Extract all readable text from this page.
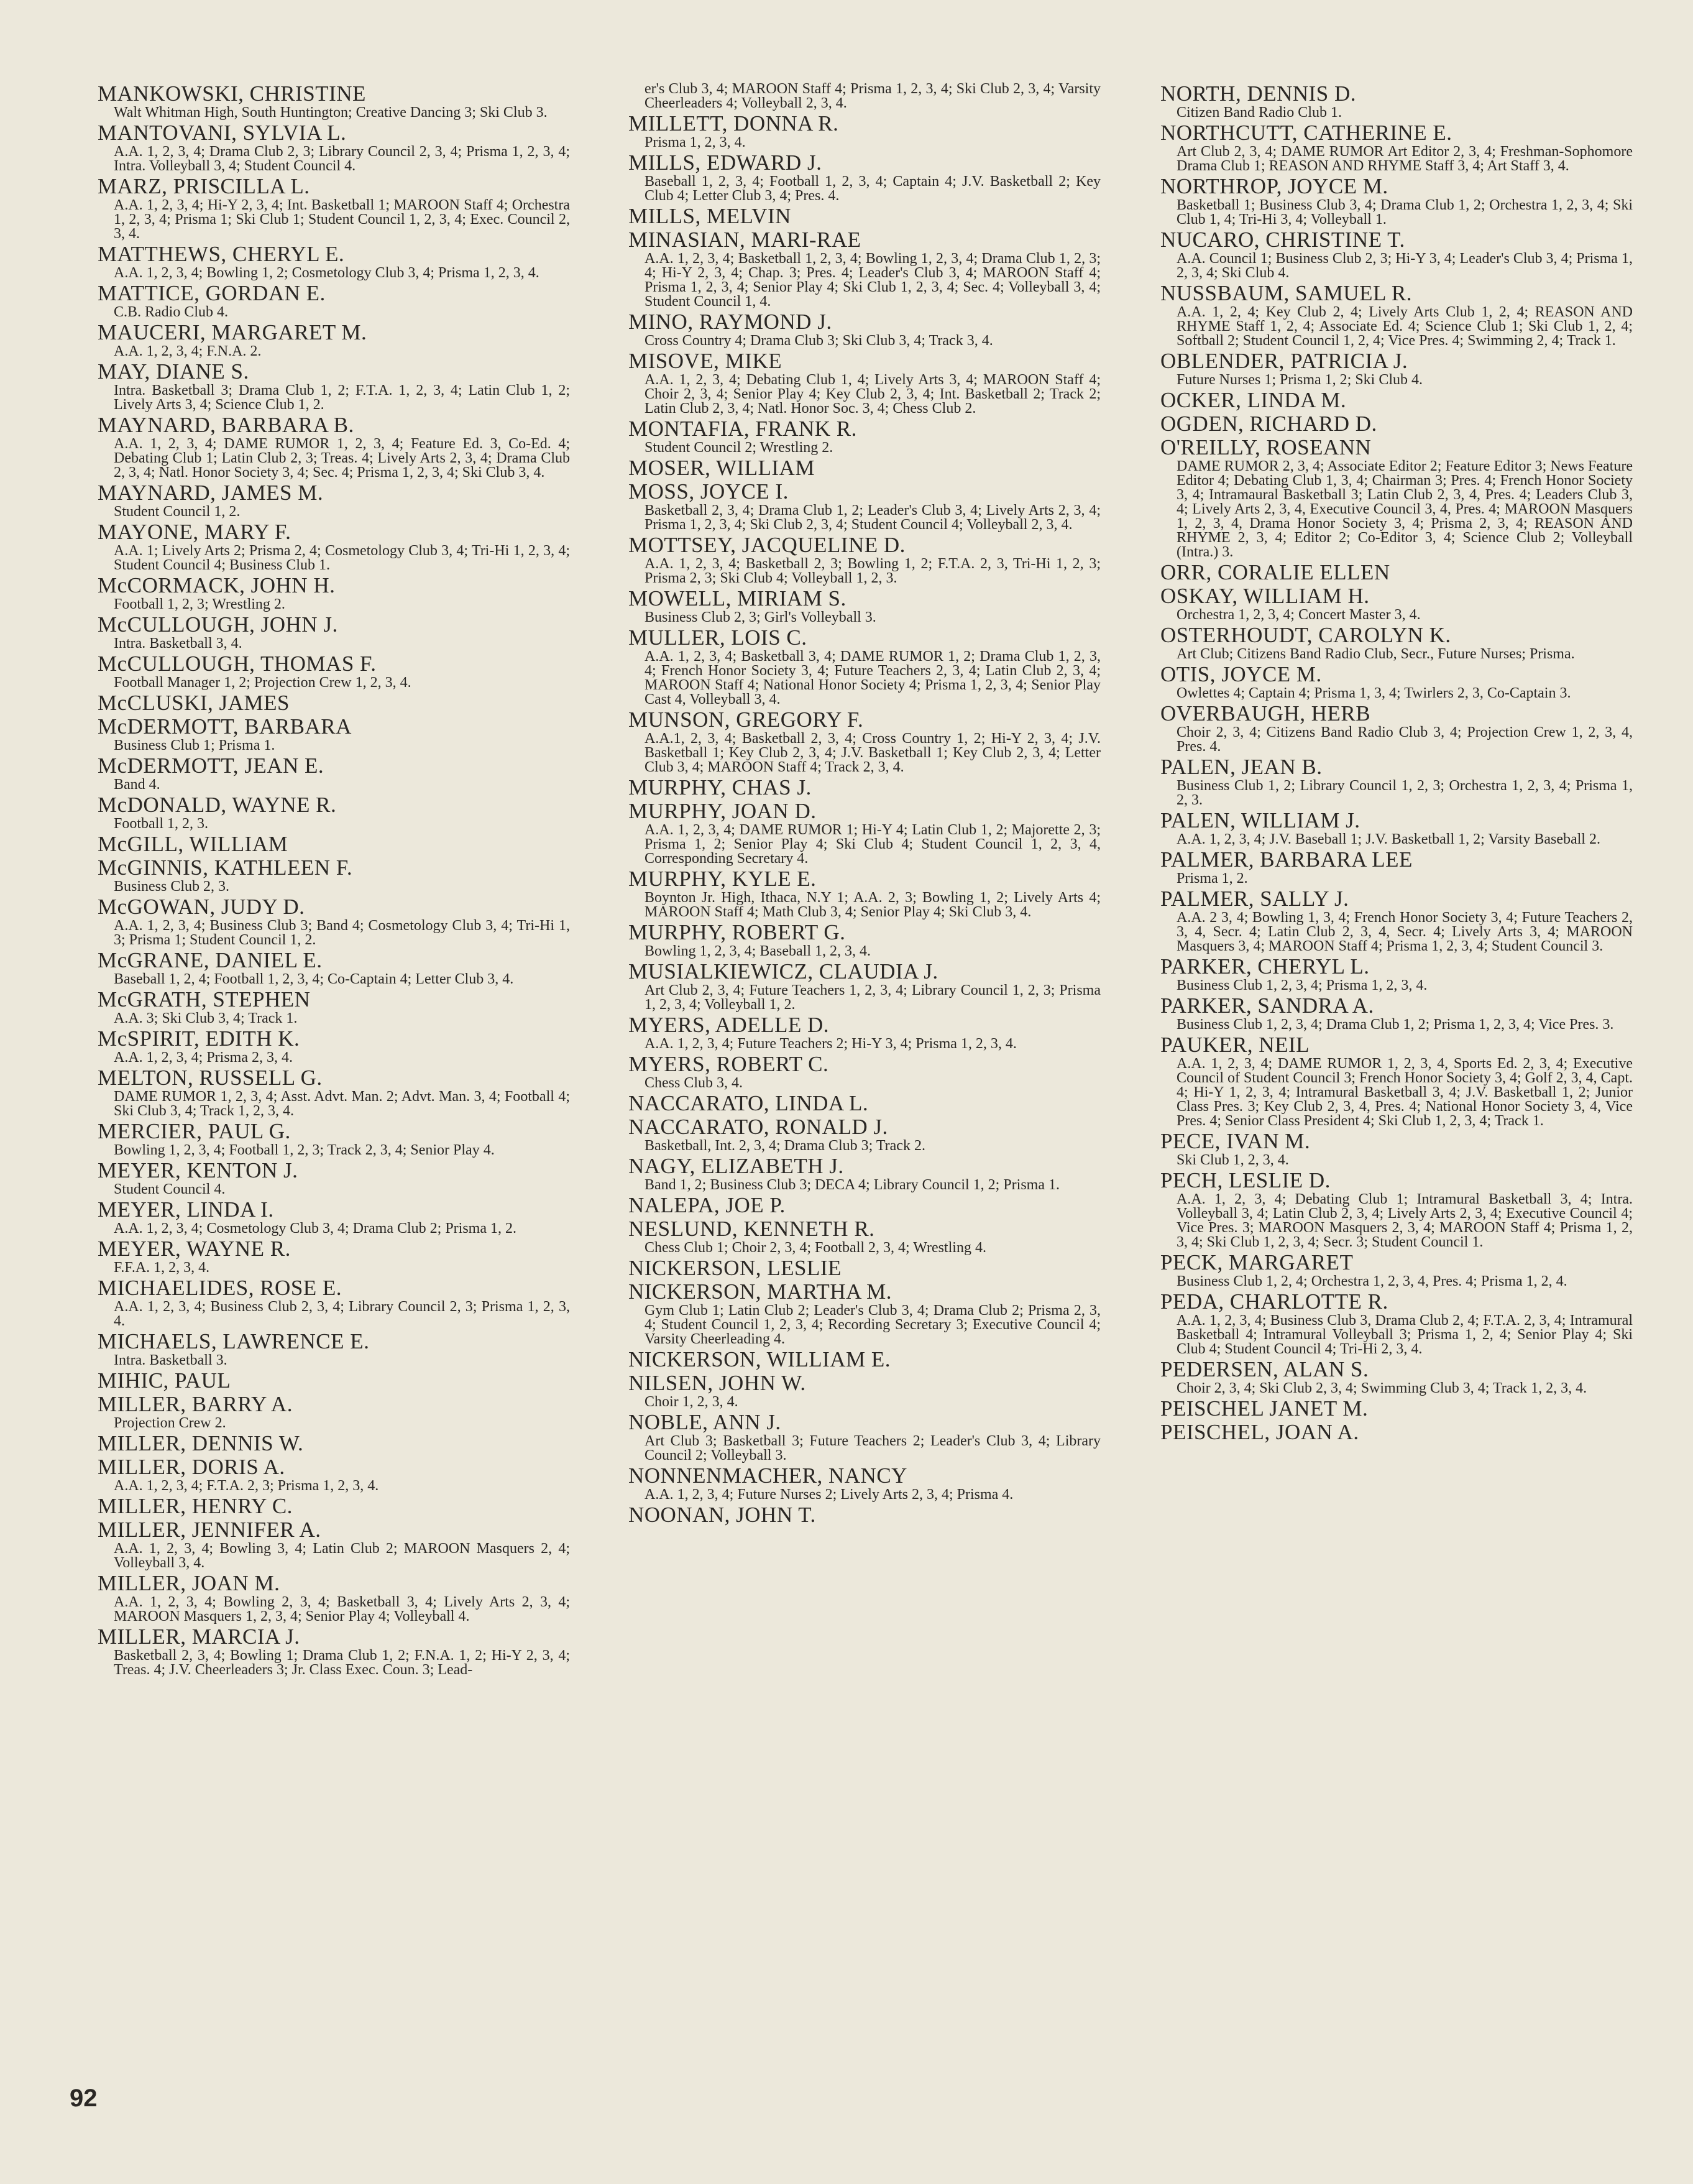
MANKOWSKI, CHRISTINE
Walt Whitman High, South Huntington; Creative Dancing 3; Ski Club 3.
MANTOVANI, SYLVIA L.
A.A. 1, 2, 3, 4; Drama Club 2, 3; Library Council 2, 3, 4; Prisma 1, 2, 3, 4; Intra. Volleyball 3, 4; Student Council 4.
MARZ, PRISCILLA L.
A.A. 1, 2, 3, 4; Hi-Y 2, 3, 4; Int. Basketball 1; MAROON Staff 4; Orchestra 1, 2, 3, 4; Prisma 1; Ski Club 1; Student Council 1, 2, 3, 4; Exec. Council 2, 3, 4.
MATTHEWS, CHERYL E.
A.A. 1, 2, 3, 4; Bowling 1, 2; Cosmetology Club 3, 4; Prisma 1, 2, 3, 4.
MATTICE, GORDAN E.
C.B. Radio Club 4.
MAUCERI, MARGARET M.
A.A. 1, 2, 3, 4; F.N.A. 2.
MAY, DIANE S.
Intra. Basketball 3; Drama Club 1, 2; F.T.A. 1, 2, 3, 4; Latin Club 1, 2; Lively Arts 3, 4; Science Club 1, 2.
MAYNARD, BARBARA B.
A.A. 1, 2, 3, 4; DAME RUMOR 1, 2, 3, 4; Feature Ed. 3, Co-Ed. 4; Debating Club 1; Latin Club 2, 3; Treas. 4; Lively Arts 2, 3, 4; Drama Club 2, 3, 4; Natl. Honor Society 3, 4; Sec. 4; Prisma 1, 2, 3, 4; Ski Club 3, 4.
MAYNARD, JAMES M.
Student Council 1, 2.
MAYONE, MARY F.
A.A. 1; Lively Arts 2; Prisma 2, 4; Cosmetology Club 3, 4; Tri-Hi 1, 2, 3, 4; Student Council 4; Business Club 1.
McCORMACK, JOHN H.
Football 1, 2, 3; Wrestling 2.
McCULLOUGH, JOHN J.
Intra. Basketball 3, 4.
McCULLOUGH, THOMAS F.
Football Manager 1, 2; Projection Crew 1, 2, 3, 4.
McCLUSKI, JAMES
McDERMOTT, BARBARA
Business Club 1; Prisma 1.
McDERMOTT, JEAN E.
Band 4.
McDONALD, WAYNE R.
Football 1, 2, 3.
McGILL, WILLIAM
McGINNIS, KATHLEEN F.
Business Club 2, 3.
McGOWAN, JUDY D.
A.A. 1, 2, 3, 4; Business Club 3; Band 4; Cosmetology Club 3, 4; Tri-Hi 1, 3; Prisma 1; Student Council 1, 2.
McGRANE, DANIEL E.
Baseball 1, 2, 4; Football 1, 2, 3, 4; Co-Captain 4; Letter Club 3, 4.
McGRATH, STEPHEN
A.A. 3; Ski Club 3, 4; Track 1.
McSPIRIT, EDITH K.
A.A. 1, 2, 3, 4; Prisma 2, 3, 4.
MELTON, RUSSELL G.
DAME RUMOR 1, 2, 3, 4; Asst. Advt. Man. 2; Advt. Man. 3, 4; Football 4; Ski Club 3, 4; Track 1, 2, 3, 4.
MERCIER, PAUL G.
Bowling 1, 2, 3, 4; Football 1, 2, 3; Track 2, 3, 4; Senior Play 4.
MEYER, KENTON J.
Student Council 4.
MEYER, LINDA I.
A.A. 1, 2, 3, 4; Cosmetology Club 3, 4; Drama Club 2; Prisma 1, 2.
MEYER, WAYNE R.
F.F.A. 1, 2, 3, 4.
MICHAELIDES, ROSE E.
A.A. 1, 2, 3, 4; Business Club 2, 3, 4; Library Council 2, 3; Prisma 1, 2, 3, 4.
MICHAELS, LAWRENCE E.
Intra. Basketball 3.
MIHIC, PAUL
MILLER, BARRY A.
Projection Crew 2.
MILLER, DENNIS W.
MILLER, DORIS A.
A.A. 1, 2, 3, 4; F.T.A. 2, 3; Prisma 1, 2, 3, 4.
MILLER, HENRY C.
MILLER, JENNIFER A.
A.A. 1, 2, 3, 4; Bowling 3, 4; Latin Club 2; MAROON Masquers 2, 4; Volleyball 3, 4.
MILLER, JOAN M.
A.A. 1, 2, 3, 4; Bowling 2, 3, 4; Basketball 3, 4; Lively Arts 2, 3, 4; MAROON Masquers 1, 2, 3, 4; Senior Play 4; Volleyball 4.
MILLER, MARCIA J.
Basketball 2, 3, 4; Bowling 1; Drama Club 1, 2; F.N.A. 1, 2; Hi-Y 2, 3, 4; Treas. 4; J.V. Cheerleaders 3; Jr. Class Exec. Coun. 3; Lead-
er's Club 3, 4; MAROON Staff 4; Prisma 1, 2, 3, 4; Ski Club 2, 3, 4; Varsity Cheerleaders 4; Volleyball 2, 3, 4.
MILLETT, DONNA R.
Prisma 1, 2, 3, 4.
MILLS, EDWARD J.
Baseball 1, 2, 3, 4; Football 1, 2, 3, 4; Captain 4; J.V. Basketball 2; Key Club 4; Letter Club 3, 4; Pres. 4.
MILLS, MELVIN
MINASIAN, MARI-RAE
A.A. 1, 2, 3, 4; Basketball 1, 2, 3, 4; Bowling 1, 2, 3, 4; Drama Club 1, 2, 3; 4; Hi-Y 2, 3, 4; Chap. 3; Pres. 4; Leader's Club 3, 4; MAROON Staff 4; Prisma 1, 2, 3, 4; Senior Play 4; Ski Club 1, 2, 3, 4; Sec. 4; Volleyball 3, 4; Student Council 1, 4.
MINO, RAYMOND J.
Cross Country 4; Drama Club 3; Ski Club 3, 4; Track 3, 4.
MISOVE, MIKE
A.A. 1, 2, 3, 4; Debating Club 1, 4; Lively Arts 3, 4; MAROON Staff 4; Choir 2, 3, 4; Senior Play 4; Key Club 2, 3, 4; Int. Basketball 2; Track 2; Latin Club 2, 3, 4; Natl. Honor Soc. 3, 4; Chess Club 2.
MONTAFIA, FRANK R.
Student Council 2; Wrestling 2.
MOSER, WILLIAM
MOSS, JOYCE I.
Basketball 2, 3, 4; Drama Club 1, 2; Leader's Club 3, 4; Lively Arts 2, 3, 4; Prisma 1, 2, 3, 4; Ski Club 2, 3, 4; Student Council 4; Volleyball 2, 3, 4.
MOTTSEY, JACQUELINE D.
A.A. 1, 2, 3, 4; Basketball 2, 3; Bowling 1, 2; F.T.A. 2, 3, Tri-Hi 1, 2, 3; Prisma 2, 3; Ski Club 4; Volleyball 1, 2, 3.
MOWELL, MIRIAM S.
Business Club 2, 3; Girl's Volleyball 3.
MULLER, LOIS C.
A.A. 1, 2, 3, 4; Basketball 3, 4; DAME RUMOR 1, 2; Drama Club 1, 2, 3, 4; French Honor Society 3, 4; Future Teachers 2, 3, 4; Latin Club 2, 3, 4; MAROON Staff 4; National Honor Society 4; Prisma 1, 2, 3, 4; Senior Play Cast 4, Volleyball 3, 4.
MUNSON, GREGORY F.
A.A.1, 2, 3, 4; Basketball 2, 3, 4; Cross Country 1, 2; Hi-Y 2, 3, 4; J.V. Basketball 1; Key Club 2, 3, 4; J.V. Basketball 1; Key Club 2, 3, 4; Letter Club 3, 4; MAROON Staff 4; Track 2, 3, 4.
MURPHY, CHAS J.
MURPHY, JOAN D.
A.A. 1, 2, 3, 4; DAME RUMOR 1; Hi-Y 4; Latin Club 1, 2; Majorette 2, 3; Prisma 1, 2; Senior Play 4; Ski Club 4; Student Council 1, 2, 3, 4, Corresponding Secretary 4.
MURPHY, KYLE E.
Boynton Jr. High, Ithaca, N.Y 1; A.A. 2, 3; Bowling 1, 2; Lively Arts 4; MAROON Staff 4; Math Club 3, 4; Senior Play 4; Ski Club 3, 4.
MURPHY, ROBERT G.
Bowling 1, 2, 3, 4; Baseball 1, 2, 3, 4.
MUSIALKIEWICZ, CLAUDIA J.
Art Club 2, 3, 4; Future Teachers 1, 2, 3, 4; Library Council 1, 2, 3; Prisma 1, 2, 3, 4; Volleyball 1, 2.
MYERS, ADELLE D.
A.A. 1, 2, 3, 4; Future Teachers 2; Hi-Y 3, 4; Prisma 1, 2, 3, 4.
MYERS, ROBERT C.
Chess Club 3, 4.
NACCARATO, LINDA L.
NACCARATO, RONALD J.
Basketball, Int. 2, 3, 4; Drama Club 3; Track 2.
NAGY, ELIZABETH J.
Band 1, 2; Business Club 3; DECA 4; Library Council 1, 2; Prisma 1.
NALEPA, JOE P.
NESLUND, KENNETH R.
Chess Club 1; Choir 2, 3, 4; Football 2, 3, 4; Wrestling 4.
NICKERSON, LESLIE
NICKERSON, MARTHA M.
Gym Club 1; Latin Club 2; Leader's Club 3, 4; Drama Club 2; Prisma 2, 3, 4; Student Council 1, 2, 3, 4; Recording Secretary 3; Executive Council 4; Varsity Cheerleading 4.
NICKERSON, WILLIAM E.
NILSEN, JOHN W.
Choir 1, 2, 3, 4.
NOBLE, ANN J.
Art Club 3; Basketball 3; Future Teachers 2; Leader's Club 3, 4; Library Council 2; Volleyball 3.
NONNENMACHER, NANCY
A.A. 1, 2, 3, 4; Future Nurses 2; Lively Arts 2, 3, 4; Prisma 4.
NOONAN, JOHN T.
NORTH, DENNIS D.
Citizen Band Radio Club 1.
NORTHCUTT, CATHERINE E.
Art Club 2, 3, 4; DAME RUMOR Art Editor 2, 3, 4; Freshman-Sophomore Drama Club 1; REASON AND RHYME Staff 3, 4; Art Staff 3, 4.
NORTHROP, JOYCE M.
Basketball 1; Business Club 3, 4; Drama Club 1, 2; Orchestra 1, 2, 3, 4; Ski Club 1, 4; Tri-Hi 3, 4; Volleyball 1.
NUCARO, CHRISTINE T.
A.A. Council 1; Business Club 2, 3; Hi-Y 3, 4; Leader's Club 3, 4; Prisma 1, 2, 3, 4; Ski Club 4.
NUSSBAUM, SAMUEL R.
A.A. 1, 2, 4; Key Club 2, 4; Lively Arts Club 1, 2, 4; REASON AND RHYME Staff 1, 2, 4; Associate Ed. 4; Science Club 1; Ski Club 1, 2, 4; Softball 2; Student Council 1, 2, 4; Vice Pres. 4; Swimming 2, 4; Track 1.
OBLENDER, PATRICIA J.
Future Nurses 1; Prisma 1, 2; Ski Club 4.
OCKER, LINDA M.
OGDEN, RICHARD D.
O'REILLY, ROSEANN
DAME RUMOR 2, 3, 4; Associate Editor 2; Feature Editor 3; News Feature Editor 4; Debating Club 1, 3, 4; Chairman 3; Pres. 4; French Honor Society 3, 4; Intramaural Basketball 3; Latin Club 2, 3, 4, Pres. 4; Leaders Club 3, 4; Lively Arts 2, 3, 4, Executive Council 3, 4, Pres. 4; MAROON Masquers 1, 2, 3, 4, Drama Honor Society 3, 4; Prisma 2, 3, 4; REASON AND RHYME 2, 3, 4; Editor 2; Co-Editor 3, 4; Science Club 2; Volleyball (Intra.) 3.
ORR, CORALIE ELLEN
OSKAY, WILLIAM H.
Orchestra 1, 2, 3, 4; Concert Master 3, 4.
OSTERHOUDT, CAROLYN K.
Art Club; Citizens Band Radio Club, Secr., Future Nurses; Prisma.
OTIS, JOYCE M.
Owlettes 4; Captain 4; Prisma 1, 3, 4; Twirlers 2, 3, Co-Captain 3.
OVERBAUGH, HERB
Choir 2, 3, 4; Citizens Band Radio Club 3, 4; Projection Crew 1, 2, 3, 4, Pres. 4.
PALEN, JEAN B.
Business Club 1, 2; Library Council 1, 2, 3; Orchestra 1, 2, 3, 4; Prisma 1, 2, 3.
PALEN, WILLIAM J.
A.A. 1, 2, 3, 4; J.V. Baseball 1; J.V. Basketball 1, 2; Varsity Baseball 2.
PALMER, BARBARA LEE
Prisma 1, 2.
PALMER, SALLY J.
A.A. 2 3, 4; Bowling 1, 3, 4; French Honor Society 3, 4; Future Teachers 2, 3, 4, Secr. 4; Latin Club 2, 3, 4, Secr. 4; Lively Arts 3, 4; MAROON Masquers 3, 4; MAROON Staff 4; Prisma 1, 2, 3, 4; Student Council 3.
PARKER, CHERYL L.
Business Club 1, 2, 3, 4; Prisma 1, 2, 3, 4.
PARKER, SANDRA A.
Business Club 1, 2, 3, 4; Drama Club 1, 2; Prisma 1, 2, 3, 4; Vice Pres. 3.
PAUKER, NEIL
A.A. 1, 2, 3, 4; DAME RUMOR 1, 2, 3, 4, Sports Ed. 2, 3, 4; Executive Council of Student Council 3; French Honor Society 3, 4; Golf 2, 3, 4, Capt. 4; Hi-Y 1, 2, 3, 4; Intramural Basketball 3, 4; J.V. Basketball 1, 2; Junior Class Pres. 3; Key Club 2, 3, 4, Pres. 4; National Honor Society 3, 4, Vice Pres. 4; Senior Class President 4; Ski Club 1, 2, 3, 4; Track 1.
PECE, IVAN M.
Ski Club 1, 2, 3, 4.
PECH, LESLIE D.
A.A. 1, 2, 3, 4; Debating Club 1; Intramural Basketball 3, 4; Intra. Volleyball 3, 4; Latin Club 2, 3, 4; Lively Arts 2, 3, 4; Executive Council 4; Vice Pres. 3; MAROON Masquers 2, 3, 4; MAROON Staff 4; Prisma 1, 2, 3, 4; Ski Club 1, 2, 3, 4; Secr. 3; Student Council 1.
PECK, MARGARET
Business Club 1, 2, 4; Orchestra 1, 2, 3, 4, Pres. 4; Prisma 1, 2, 4.
PEDA, CHARLOTTE R.
A.A. 1, 2, 3, 4; Business Club 3, Drama Club 2, 4; F.T.A. 2, 3, 4; Intramural Basketball 4; Intramural Volleyball 3; Prisma 1, 2, 4; Senior Play 4; Ski Club 4; Student Council 4; Tri-Hi 2, 3, 4.
PEDERSEN, ALAN S.
Choir 2, 3, 4; Ski Club 2, 3, 4; Swimming Club 3, 4; Track 1, 2, 3, 4.
PEISCHEL JANET M.
PEISCHEL, JOAN A.
92
